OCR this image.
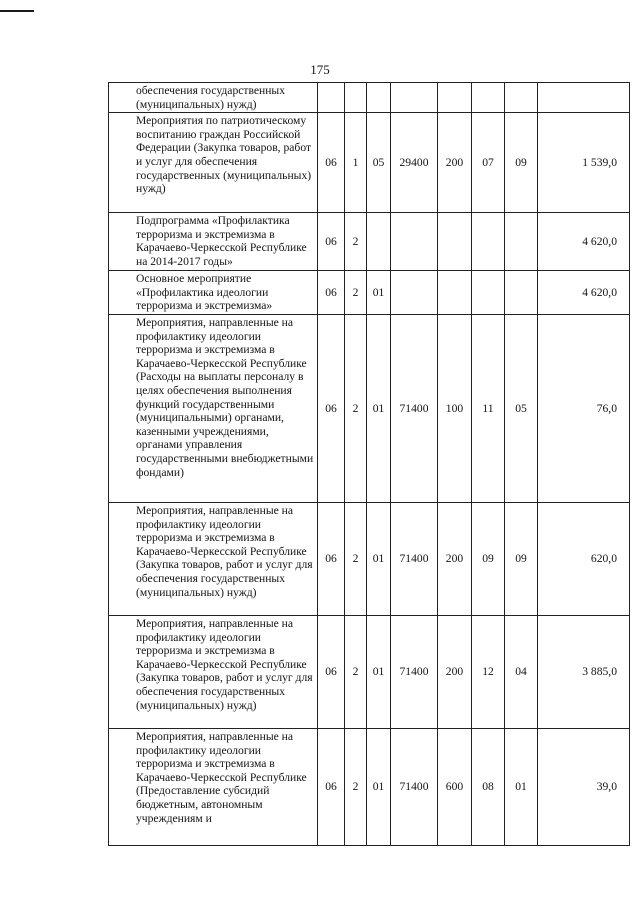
175
обеспечения государственных (муниципальных) нужд)								
Мероприятия по патриотическому воспитанию граждан Российской Федерации (Закупка товаров, работ и услуг для обеспечения государственных (муниципальных) нужд)	06	1	05	29400	200	07	09	1 539,0
Подпрограмма «Профилактика терроризма и экстремизма в Карачаево-Черкесской Республике на 2014-2017 годы»	06	2						4 620,0
Основное мероприятие «Профилактика идеологии терроризма и экстремизма»	06	2	01					4 620,0
Мероприятия, направленные на профилактику идеологии терроризма и экстремизма в Карачаево-Черкесской Республике (Расходы на выплаты персоналу в целях обеспечения выполнения функций государственными (муниципальными) органами, казенными учреждениями, органами управления государственными внебюджетными фондами)	06	2	01	71400	100	11	05	76,0
Мероприятия, направленные на профилактику идеологии терроризма и экстремизма в Карачаево-Черкесской Республике (Закупка товаров, работ и услуг для обеспечения государственных (муниципальных) нужд)	06	2	01	71400	200	09	09	620,0
Мероприятия, направленные на профилактику идеологии терроризма и экстремизма в Карачаево-Черкесской Республике (Закупка товаров, работ и услуг для обеспечения государственных (муниципальных) нужд)	06	2	01	71400	200	12	04	3 885,0
Мероприятия, направленные на профилактику идеологии терроризма и экстремизма в Карачаево-Черкесской Республике (Предоставление субсидий бюджетным, автономным учреждениям и	06	2	01	71400	600	08	01	39,0
